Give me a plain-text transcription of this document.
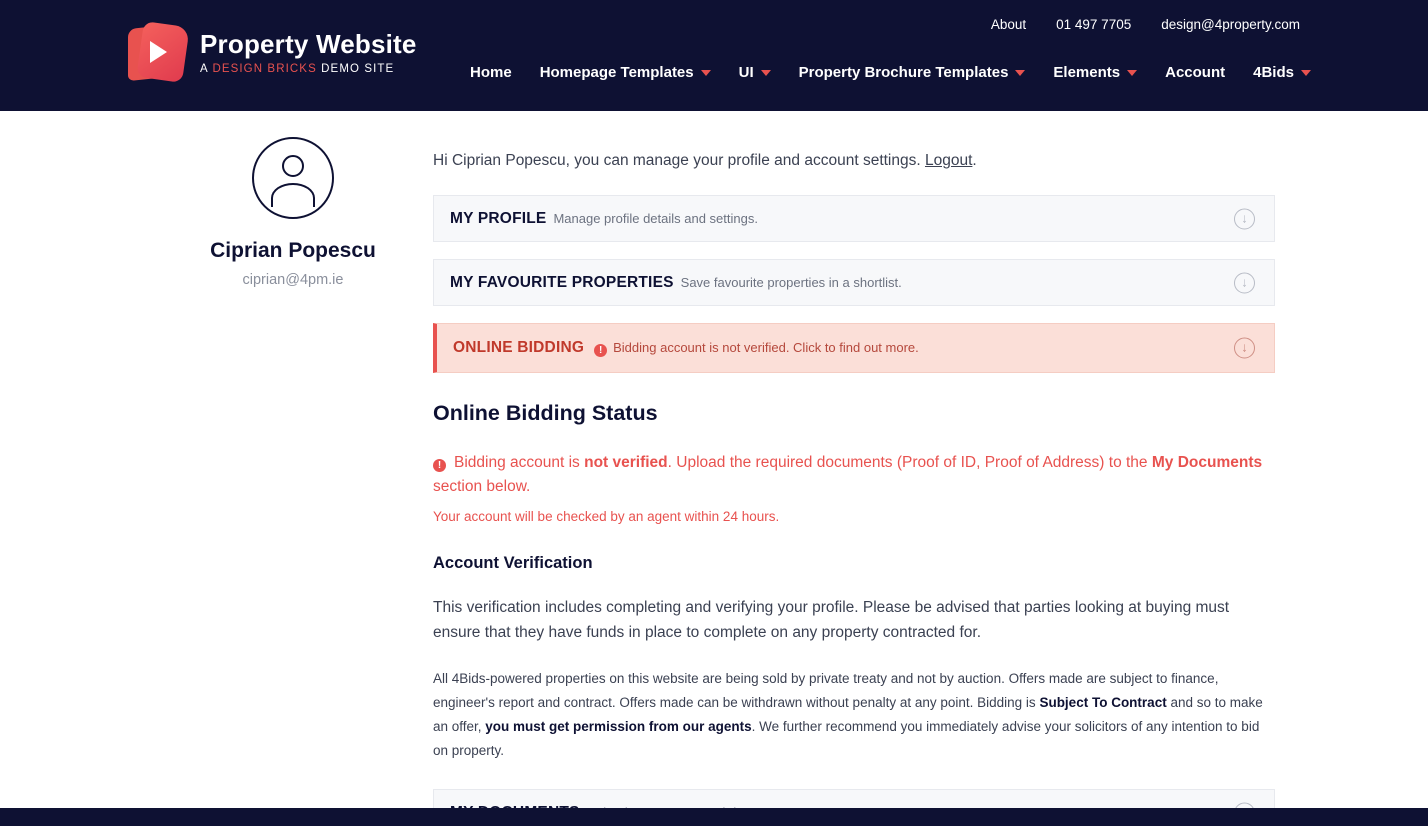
Property Website
A DESIGN BRICKS DEMO SITE
About 01 497 7705 design@4property.com
Home Homepage Templates	UI	Property Brochure Templates	Elements	Account 4Bids
Ciprian Popescu
ciprian@4pm.ie
Hi Ciprian Popescu, you can manage your profile and account settings. Logout.
MY PROFILE Manage profile details and settings.	↓
MY FAVOURITE PROPERTIES Save favourite properties in a shortlist.	↓
ONLINE BIDDING	! Bidding account is not verified. Click to find out more.	↓
Online Bidding Status
! Bidding account is not verified. Upload the required documents (Proof of ID, Proof of Address) to the My Documents section below.
Your account will be checked by an agent within 24 hours.
Account Verification
This verification includes completing and verifying your profile. Please be advised that parties looking at buying must ensure that they have funds in place to complete on any property contracted for.
All 4Bids-powered properties on this website are being sold by private treaty and not by auction. Offers made are subject to finance, engineer's report and contract. Offers made can be withdrawn without penalty at any point. Bidding is Subject To Contract and so to make an offer, you must get permission from our agents. We further recommend you immediately advise your solicitors of any intention to bid on property.
